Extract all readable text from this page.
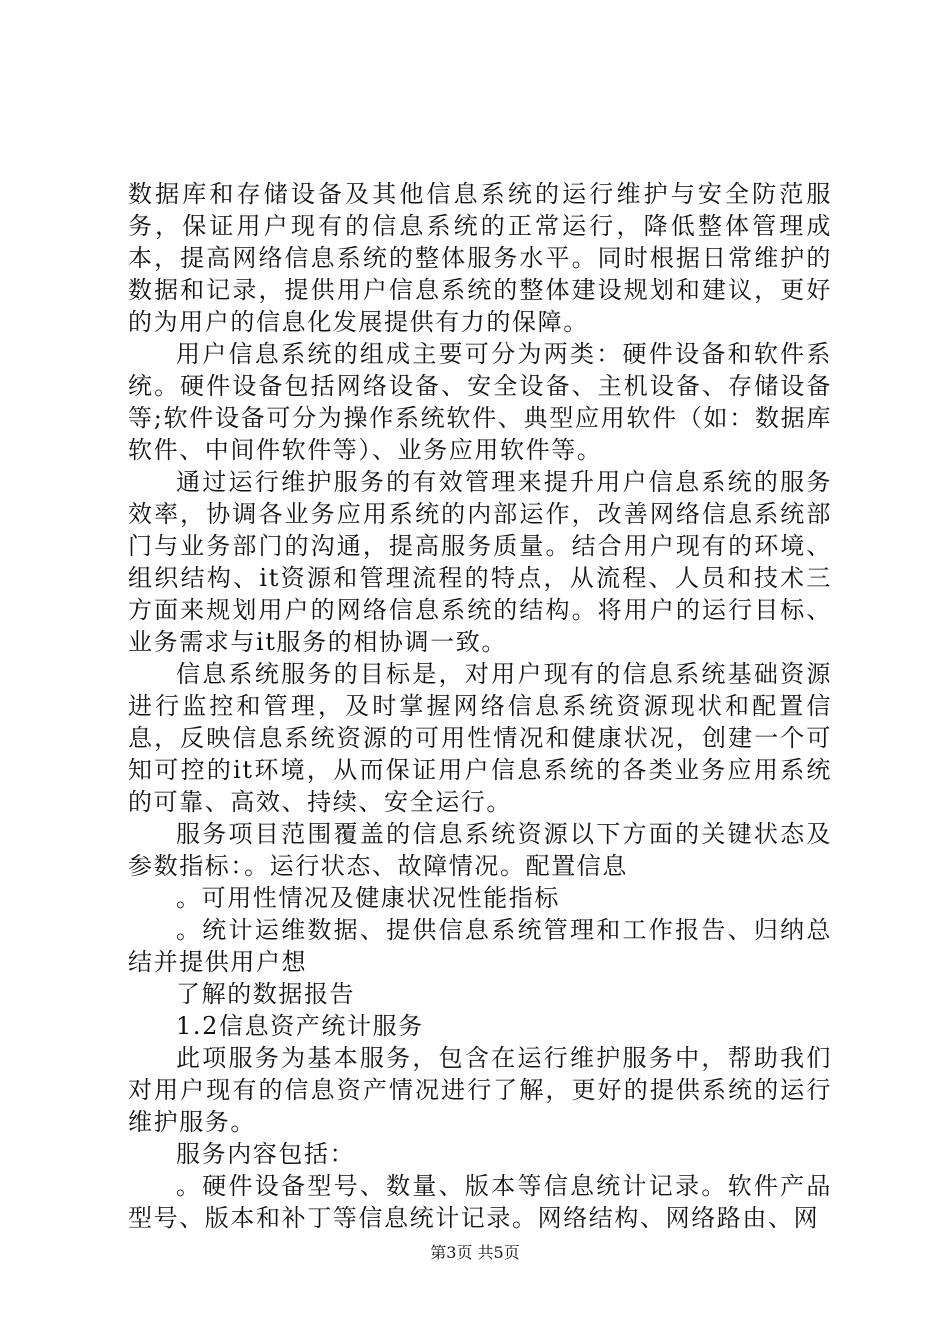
数据库和存储设备及其他信息系统的运行维护与安全防范服务，保证用户现有的信息系统的正常运行，降低整体管理成本，提高网络信息系统的整体服务水平。同时根据日常维护的数据和记录，提供用户信息系统的整体建设规划和建议，更好的为用户的信息化发展提供有力的保障。

用户信息系统的组成主要可分为两类：硬件设备和软件系统。硬件设备包括网络设备、安全设备、主机设备、存储设备等;软件设备可分为操作系统软件、典型应用软件（如：数据库软件、中间件软件等）、业务应用软件等。

通过运行维护服务的有效管理来提升用户信息系统的服务效率，协调各业务应用系统的内部运作，改善网络信息系统部门与业务部门的沟通，提高服务质量。结合用户现有的环境、组织结构、it资源和管理流程的特点，从流程、人员和技术三方面来规划用户的网络信息系统的结构。将用户的运行目标、业务需求与it服务的相协调一致。

信息系统服务的目标是，对用户现有的信息系统基础资源进行监控和管理，及时掌握网络信息系统资源现状和配置信息，反映信息系统资源的可用性情况和健康状况，创建一个可知可控的it环境，从而保证用户信息系统的各类业务应用系统的可靠、高效、持续、安全运行。

服务项目范围覆盖的信息系统资源以下方面的关键状态及参数指标：。运行状态、故障情况。配置信息

。可用性情况及健康状况性能指标

。统计运维数据、提供信息系统管理和工作报告、归纳总结并提供用户想

了解的数据报告

1.2信息资产统计服务

此项服务为基本服务，包含在运行维护服务中，帮助我们对用户现有的信息资产情况进行了解，更好的提供系统的运行维护服务。

服务内容包括：

。硬件设备型号、数量、版本等信息统计记录。软件产品型号、版本和补丁等信息统计记录。网络结构、网络路由、网

第3页 共5页
